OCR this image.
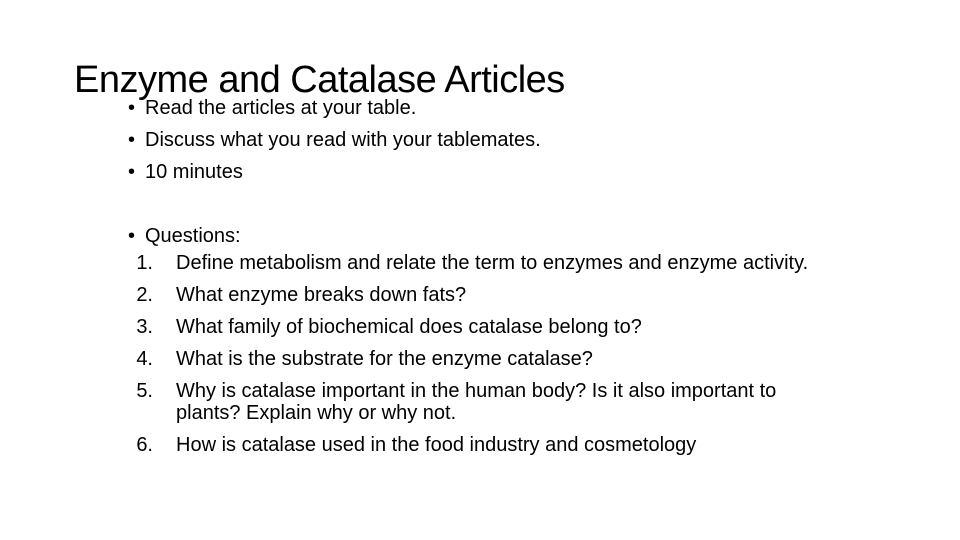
Enzyme and Catalase Articles
• Read the articles at your table.
• Discuss what you read with your tablemates.
• 10 minutes
• Questions:
1. Define metabolism and relate the term to enzymes and enzyme activity.
2. What enzyme breaks down fats?
3. What family of biochemical does catalase belong to?
4. What is the substrate for the enzyme catalase?
5. Why is catalase important in the human body? Is it also important to plants? Explain why or why not.
6. How is catalase used in the food industry and cosmetology
